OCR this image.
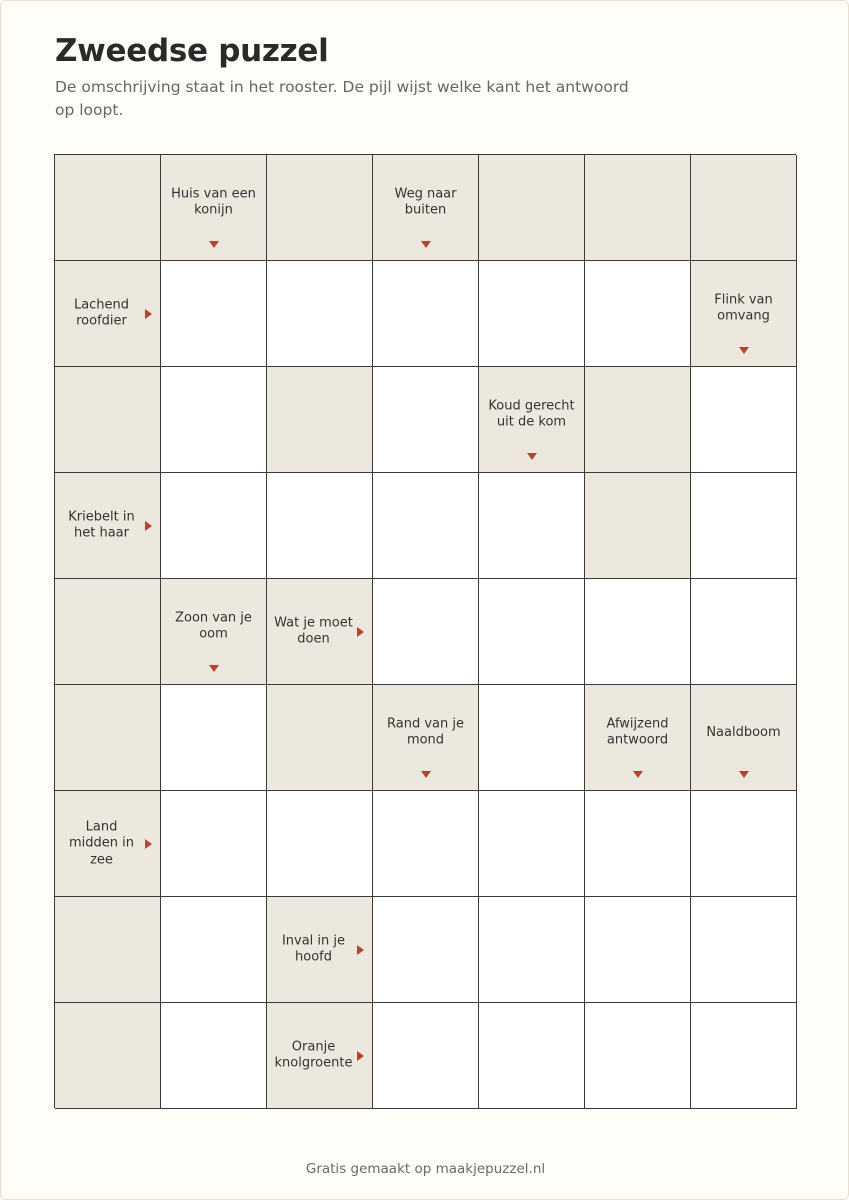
Zweedse puzzel

De omschrijving staat in het rooster. De pijl wijst welke kant het antwoord op loopt.

Huis van een konijn
Weg naar buiten
Lachend roofdier
Flink van omvang
Koud gerecht uit de kom
Kriebelt in het haar
Zoon van je oom
Wat je moet doen
Rand van je mond
Afwijzend antwoord
Naaldboom
Land midden in zee
Inval in je hoofd
Oranje knolgroente

Gratis gemaakt op maakjepuzzel.nl
